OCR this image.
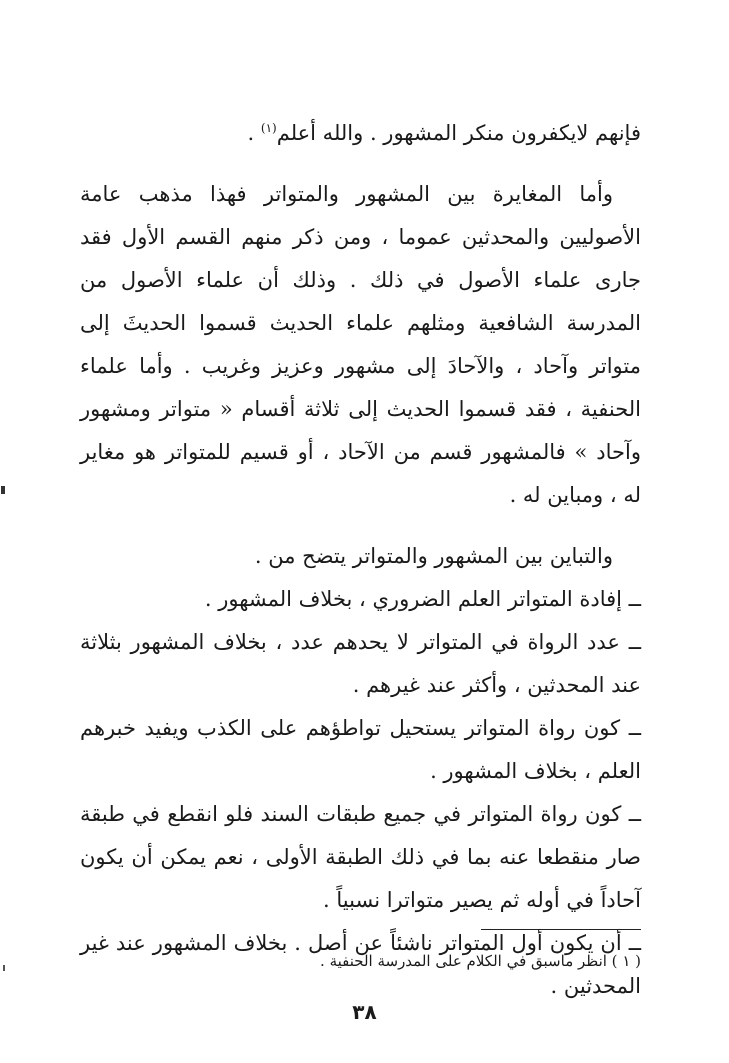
فإنهم لايكفرون منكر المشهور . والله أعلم$^{(١)}$ .

وأما المغايرة بين المشهور والمتواتر فهذا مذهب عامة الأصوليين والمحدثين عموما ، ومن ذكر منهم القسم الأول فقد جارى علماء الأصول في ذلك . وذلك أن علماء الأصول من المدرسة الشافعية ومثلهم علماء الحديث قسموا الحديثَ إلى متواتر وآحاد ، والآحادَ إلى مشهور وعزيز وغريب . وأما علماء الحنفية ، فقد قسموا الحديث إلى ثلاثة أقسام « متواتر ومشهور وآحاد » فالمشهور قسم من الآحاد ، أو قسيم للمتواتر هو مغاير له ، ومباين له .

والتباين بين المشهور والمتواتر يتضح من .

ــ إفادة المتواتر العلم الضروري ، بخلاف المشهور .

ــ عدد الرواة في المتواتر لا يحدهم عدد ، بخلاف المشهور بثلاثة عند المحدثين ، وأكثر عند غيرهم .

ــ كون رواة المتواتر يستحيل تواطؤهم على الكذب ويفيد خبرهم العلم ، بخلاف المشهور .

ــ كون رواة المتواتر في جميع طبقات السند فلو انقطع في طبقة صار منقطعا عنه بما في ذلك الطبقة الأولى ، نعم يمكن أن يكون آحاداً في أوله ثم يصير متواترا نسبياً .

ــ أن يكون أول المتواتر ناشئاً عن أصل . بخلاف المشهور عند غير المحدثين .

( ١ ) انظر ماسبق في الكلام على المدرسة الحنفية .
٣٨
